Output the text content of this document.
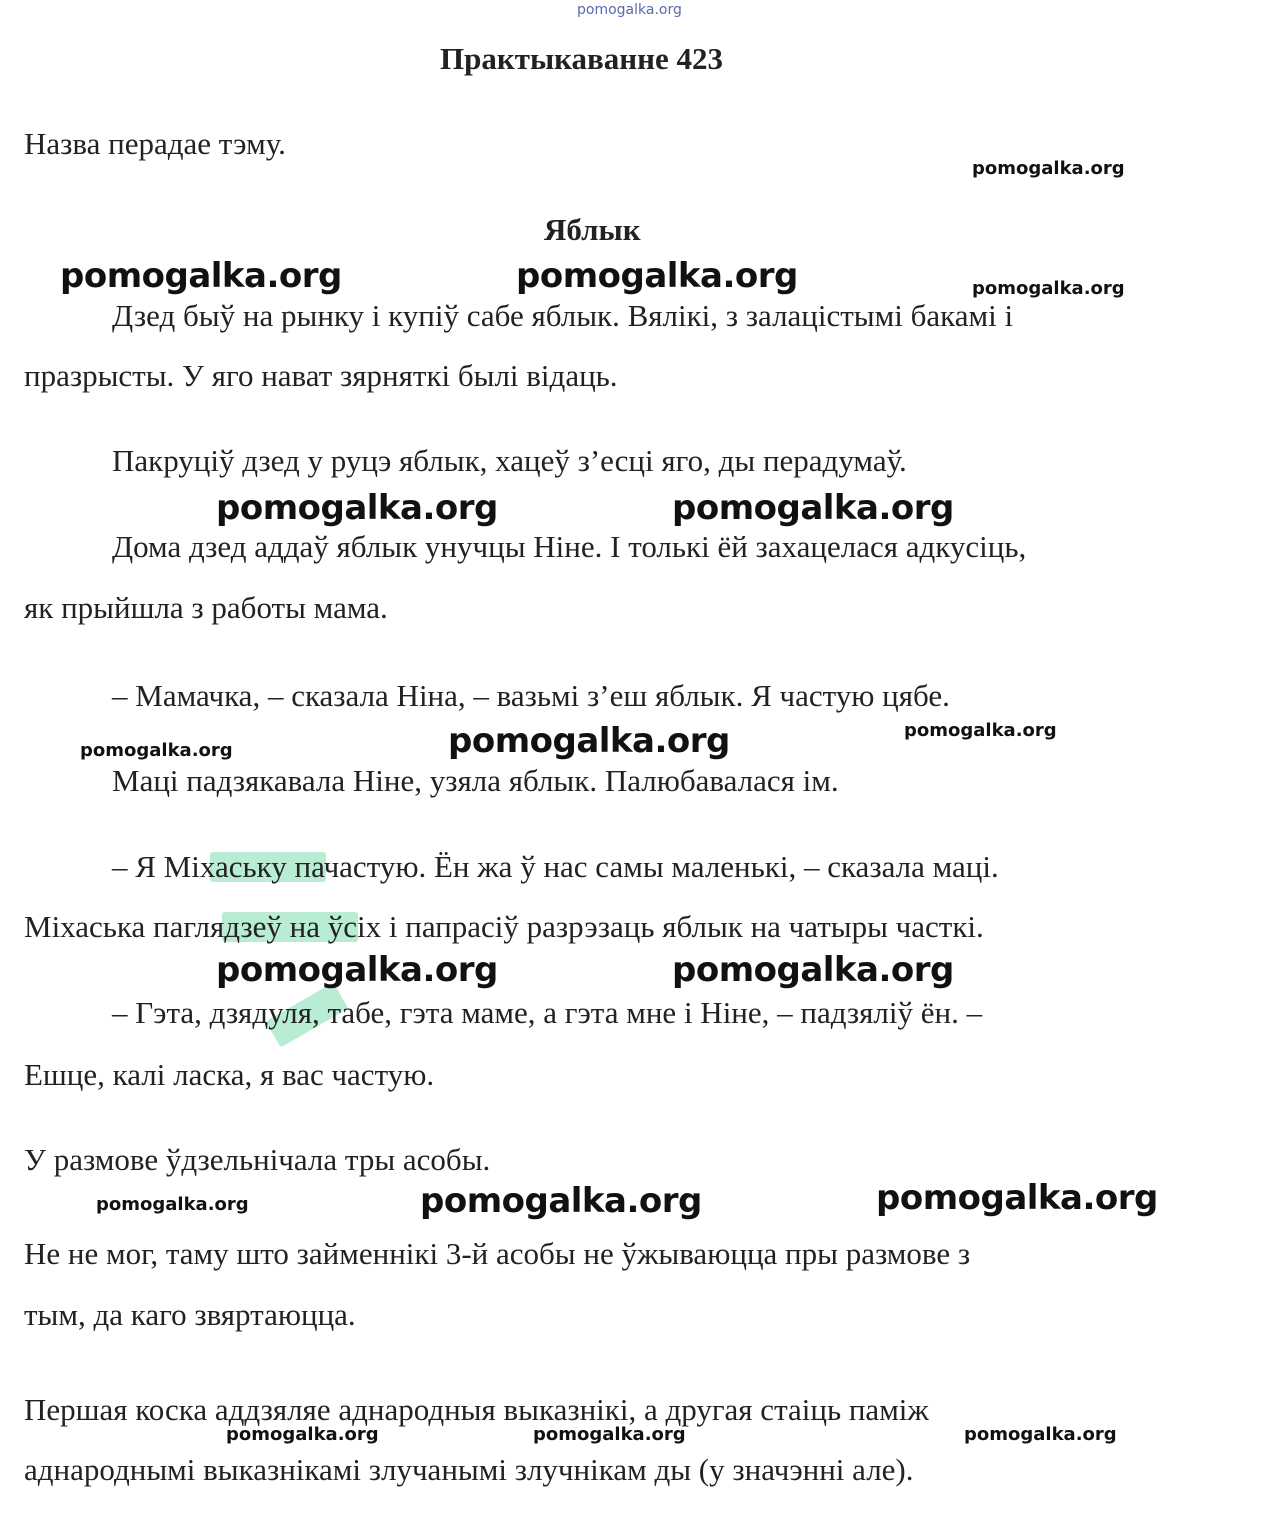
pomogalka.org
Практыкаванне 423
Назва перадае тэму.
Яблык
Дзед быў на рынку і купіў сабе яблык. Вялікі, з залацістымі бакамі і
празрысты. У яго нават зярняткі былі відаць.
Пакруціў дзед у руцэ яблык, хацеў з’есці яго, ды перадумаў.
Дома дзед аддаў яблык унучцы Ніне. І толькі ёй захацелася адкусіць,
як прыйшла з работы мама.
– Мамачка, – сказала Ніна, – вазьмі з’еш яблык. Я частую цябе.
Маці падзякавала Ніне, узяла яблык. Палюбавалася ім.
– Я Міхаську пачастую. Ён жа ў нас самы маленькі, – сказала маці.
Міхаська паглядзеў на ўсіх і папрасіў разрэзаць яблык на чатыры часткі.
– Гэта, дзядуля, табе, гэта маме, а гэта мне і Ніне, – падзяліў ён. –
Ешце, калі ласка, я вас частую.
У размове ўдзельнічала тры асобы.
Не не мог, таму што займеннікі 3-й асобы не ўжываюцца пры размове з
тым, да каго звяртаюцца.
Першая коска аддзяляе аднародныя выказнікі, а другая стаіць паміж
аднароднымі выказнікамі злучанымі злучнікам ды (у значэнні але).
pomogalka.org
pomogalka.org	pomogalka.org	pomogalka.org
pomogalka.org	pomogalka.org
pomogalka.org
pomogalka.org
pomogalka.org
pomogalka.org	pomogalka.org
pomogalka.org
pomogalka.org
pomogalka.org
pomogalka.org	pomogalka.org	pomogalka.org
